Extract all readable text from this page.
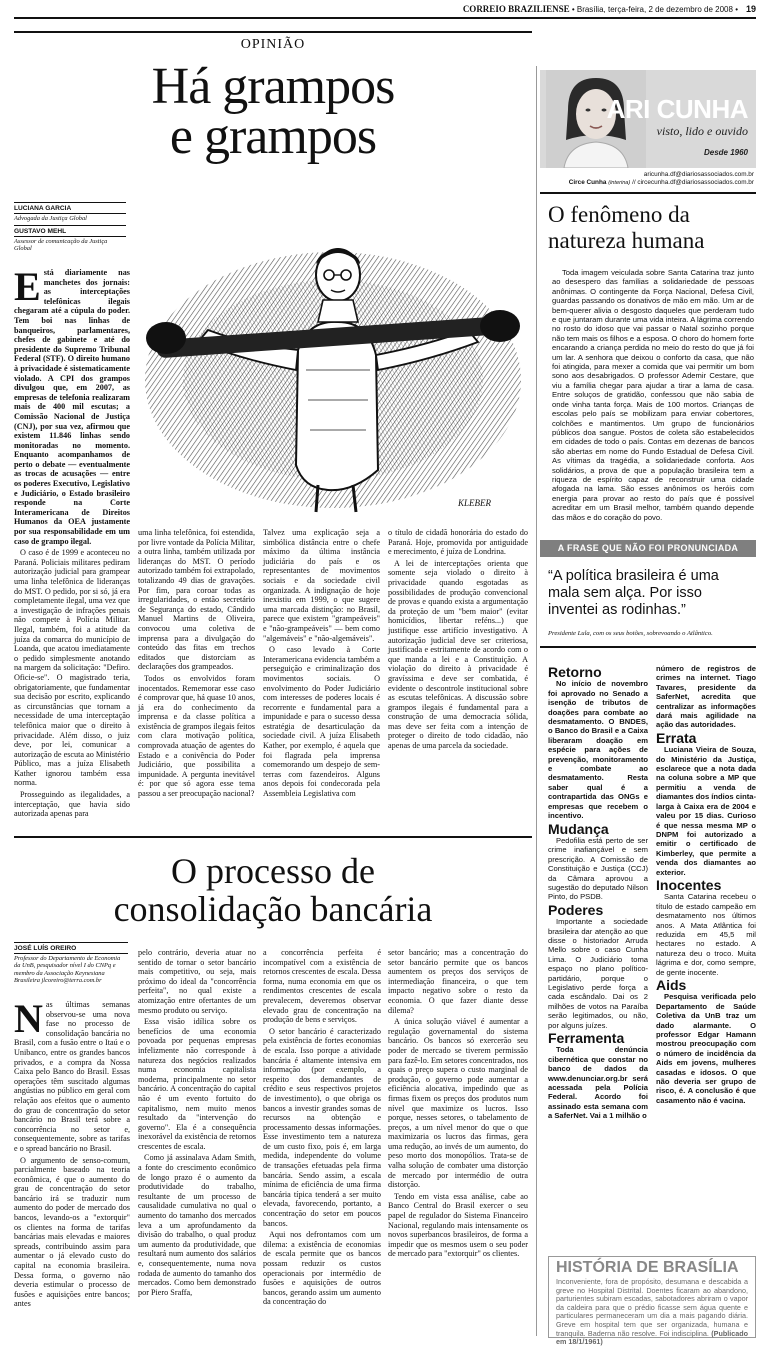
19
CORREIO BRAZILIENSE • Brasília, terça-feira, 2 de dezembro de 2008 •
OPINIÃO
Há grampos
e grampos
LUCIANA GARCIA
Advogada da Justiça Global
GUSTAVO MEHL
Assessor de comunicação da Justiça Global
KLEBER
E stá diariamente nas manchetes dos jornais: as interceptações telefônicas ilegais chegaram até a cúpula do poder. Tem boi nas linhas de banqueiros, parlamentares, chefes de gabinete e até do presidente do Supremo Tribunal Federal (STF). O direito humano à privacidade é sistematicamente violado. A CPI dos grampos divulgou que, em 2007, as empresas de telefonia realizaram mais de 400 mil escutas; a Comissão Nacional de Justiça (CNJ), por sua vez, afirmou que existem 11.846 linhas sendo monitoradas no momento. Enquanto acompanhamos de perto o debate — eventualmente as trocas de acusações — entre os poderes Executivo, Legislativo e Judiciário, o Estado brasileiro responde na Corte Interamericana de Direitos Humanos da OEA justamente por sua responsabilidade em um caso de grampo ilegal.

O caso é de 1999 e aconteceu no Paraná. Policiais militares pediram autorização judicial para grampear uma linha telefônica de lideranças do MST. O pedido, por si só, já era completamente ilegal, uma vez que a investigação de infrações penais não compete à Polícia Militar. Ilegal, também, foi a atitude da juíza da comarca do município de Loanda, que acatou imediatamente o pedido simplesmente anotando na margem da solicitação: "Defiro. Oficie-se". O magistrado teria, obrigatoriamente, que fundamentar sua decisão por escrito, explicando as circunstâncias que tornam a necessidade de uma interceptação telefônica maior que o direito à privacidade. Além disso, o juiz deve, por lei, comunicar a autorização de escuta ao Ministério Público, mas a juíza Elisabeth Kather ignorou também essa norma.

Prosseguindo as ilegalidades, a interceptação, que havia sido autorizada apenas para

uma linha telefônica, foi estendida, por livre vontade da Polícia Militar, a outra linha, também utilizada por lideranças do MST. O período autorizado também foi extrapolado, totalizando 49 dias de gravações. Por fim, para coroar todas as irregularidades, o então secretário de Segurança do estado, Cândido Manuel Martins de Oliveira, convocou uma coletiva de imprensa para a divulgação do conteúdo das fitas em trechos editados que distorciam as declarações dos grampeados.

Todos os envolvidos foram inocentados. Rememorar esse caso é comprovar que, há quase 10 anos, já era do conhecimento da imprensa e da classe política a existência de grampos ilegais feitos com clara motivação política, comprovada atuação de agentes do Estado e a conivência do Poder Judiciário, que possibilita a impunidade. A pergunta inevitável é: por que só agora esse tema passou a ser preocupação nacional?

Talvez uma explicação seja a simbólica distância entre o chefe máximo da última instância judiciária do país e os representantes de movimentos sociais e da sociedade civil organizada. A indignação de hoje inexistiu em 1999, o que sugere uma marcada distinção: no Brasil, parece que existem "grampeáveis" e "não-grampeáveis" — bem como "algemáveis" e "não-algemáveis".

O caso levado à Corte Interamericana evidencia também a perseguição e criminalização dos movimentos sociais. O envolvimento do Poder Judiciário com interesses de poderes locais é recorrente e fundamental para a impunidade e para o sucesso dessa estratégia de desarticulação da sociedade civil. A juíza Elisabeth Kather, por exemplo, é aquela que foi flagrada pela imprensa comemorando um despejo de sem-terras com fazendeiros. Alguns anos depois foi condecorada pela Assembleia Legislativa com

o título de cidadã honorária do estado do Paraná. Hoje, promovida por antiguidade e merecimento, é juíza de Londrina.

A lei de interceptações orienta que somente seja violado o direito à privacidade quando esgotadas as possibilidades de produção convencional de provas e quando exista a argumentação da proteção de um "bem maior" (evitar homicídios, libertar reféns...) que justifique esse artifício investigativo. A autorização judicial deve ser criteriosa, justificada e estritamente de acordo com o que manda a lei e a Constituição. A violação do direito à privacidade é gravíssima e deve ser combatida, é evidente o descontrole institucional sobre as escutas telefônicas. A discussão sobre grampos ilegais é fundamental para a construção de uma democracia sólida, mas deve ser feita com a intenção de proteger o direito de todo cidadão, não apenas de uma parcela da sociedade.

O processo de
consolidação bancária
JOSÉ LUÍS OREIRO
Professor do Departamento de Economia da UnB, pesquisador nível I do CNPq e membro da Associação Keynesiana Brasileira jlcoreiro@terra.com.br
N as últimas semanas observou-se uma nova fase no processo de consolidação bancária no Brasil, com a fusão entre o Itaú e o Unibanco, entre os grandes bancos privados, e a compra da Nossa Caixa pelo Banco do Brasil. Essas operações têm suscitado algumas angústias no público em geral com relação aos efeitos que o aumento do grau de concentração do setor bancário no Brasil terá sobre a concorrência no setor e, consequentemente, sobre as tarifas e o spread bancário no Brasil.

O argumento de senso-comum, parcialmente baseado na teoria econômica, é que o aumento do grau de concentração do setor bancário irá se traduzir num aumento do poder de mercado dos bancos, levando-os a "extorquir" os clientes na forma de tarifas bancárias mais elevadas e maiores spreads, contribuindo assim para aumentar o já elevado custo do capital na economia brasileira. Dessa forma, o governo não deveria estimular o processo de fusões e aquisições entre bancos; antes

pelo contrário, deveria atuar no sentido de tornar o setor bancário mais competitivo, ou seja, mais próximo do ideal da "concorrência perfeita", no qual existe a atomização entre ofertantes de um mesmo produto ou serviço.

Essa visão idílica sobre os benefícios de uma economia povoada por pequenas empresas infelizmente não corresponde à natureza dos negócios realizados numa economia capitalista moderna, principalmente no setor bancário. A concentração do capital não é um evento fortuito do capitalismo, nem muito menos resultado da "intervenção do governo". Ela é a consequência inexorável da existência de retornos crescentes de escala.

Como já assinalava Adam Smith, a fonte do crescimento econômico de longo prazo é o aumento da produtividade do trabalho, resultante de um processo de causalidade cumulativa no qual o aumento do tamanho dos mercados leva a um aprofundamento da divisão do trabalho, o qual produz um aumento da produtividade, que resultará num aumento dos salários e, consequentemente, numa nova rodada de aumento do tamanho dos mercados. Como bem demonstrado por Piero Sraffa,

a concorrência perfeita é incompatível com a existência de retornos crescentes de escala. Dessa forma, numa economia em que os rendimentos crescentes de escala prevalecem, deveremos observar elevado grau de concentração na produção de bens e serviços.

O setor bancário é caracterizado pela existência de fortes economias de escala. Isso porque a atividade bancária é altamente intensiva em informação (por exemplo, a respeito dos demandantes de crédito e seus respectivos projetos de investimento), o que obriga os bancos a investir grandes somas de recursos na obtenção e processamento dessas informações. Esse investimento tem a natureza de um custo fixo, pois é, em larga medida, independente do volume de transações efetuadas pela firma bancária. Sendo assim, a escala mínima de eficiência de uma firma bancária típica tenderá a ser muito elevada, favorecendo, portanto, a concentração do setor em poucos bancos.

Aqui nos defrontamos com um dilema: a existência de economias de escala permite que os bancos possam reduzir os custos operacionais por intermédio de fusões e aquisições de outros bancos, gerando assim um aumento da concentração do

setor bancário; mas a concentração do setor bancário permite que os bancos aumentem os preços dos serviços de intermediação financeira, o que tem impacto negativo sobre o resto da economia. O que fazer diante desse dilema?

A única solução viável é aumentar a regulação governamental do sistema bancário. Os bancos só exercerão seu poder de mercado se tiverem permissão para fazê-lo. Em setores concentrados, nos quais o preço supera o custo marginal de produção, o governo pode aumentar a eficiência alocativa, impedindo que as firmas fixem os preços dos produtos num nível que maximize os lucros. Isso porque, nesses setores, o tabelamento de preços, a um nível menor do que o que maximizaria os lucros das firmas, gera uma redução, ao invés de um aumento, do peso morto dos monopólios. Trata-se de valha solução de combater uma distorção de mercado por intermédio de outra distorção.

Tendo em vista essa análise, cabe ao Banco Central do Brasil exercer o seu papel de regulador do Sistema Financeiro Nacional, regulando mais intensamente os novos superbancos brasileiros, de forma a impedir que os mesmos usem o seu poder de mercado para "extorquir" os clientes.

ARI CUNHA
visto, lido e ouvido
Desde 1960
aricunha.df@diariosassociados.com.br
Circe Cunha (interina) // circecunha.df@diariosassociados.com.br
O fenômeno da
natureza humana
Toda imagem veiculada sobre Santa Catarina traz junto ao desespero das famílias a solidariedade de pessoas anônimas. O contingente da Força Nacional, Defesa Civil, guardas passando os donativos de mão em mão. Um ar de bem-querer alivia o desgosto daqueles que perderam tudo e que juntaram durante uma vida inteira. A lágrima correndo no rosto do idoso que vai passar o Natal sozinho porque não tem mais os filhos e a esposa. O choro do homem forte encarando a criança perdida no meio do resto do que já foi um lar. A senhora que deixou o conforto da casa, que não foi atingida, para mexer a comida que vai permitir um bom sono aos desabrigados. O professor Ademir Cestare, que viu a família chegar para ajudar a tirar a lama de casa. Entre soluços de gratidão, confessou que não sabia de onde vinha tanta força. Mais de 100 mortos. Crianças de escolas pelo país se mobilizam para enviar cobertores, colchões e mantimentos. Um grupo de funcionários públicos doa sangue. Postos de coleta são estabelecidos em cidades de todo o país. Contas em dezenas de bancos são abertas em nome do Fundo Estadual de Defesa Civil. As vítimas da tragédia, a solidariedade conforta. Aos solidários, a prova de que a população brasileira tem a riqueza de espírito capaz de reconstruir uma cidade afogada na lama. São esses anônimos os heróis com energia para provar ao resto do país que é possível acreditar em um Brasil melhor, também quando depende das mãos e do coração do povo.
A FRASE QUE NÃO FOI PRONUNCIADA
“A política brasileira é uma mala sem alça. Por isso inventei as rodinhas.”
Presidente Lula, com os seus botões, sobrevoando o Atlântico.
Retorno

No início de novembro foi aprovado no Senado a isenção de tributos de doações para combate ao desmatamento. O BNDES, o Banco do Brasil e a Caixa liberaram doação em espécie para ações de prevenção, monitoramento e combate ao desmatamento. Resta saber qual é a contrapartida das ONGs e empresas que recebem o incentivo.

Mudança

Pedofilia está perto de ser crime inafiançável e sem prescrição. A Comissão de Constituição e Justiça (CCJ) da Câmara aprovou a sugestão do deputado Nilson Pinto, do PSDB.

Poderes

Importante a sociedade brasileira dar atenção ao que disse o historiador Arruda Mello sobre o caso Cunha Lima. O Judiciário toma espaço no plano político-partidário, porque o Legislativo perde força a cada escândalo. Dai os 2 milhões de votos na Paraíba serão legitimados, ou não, por alguns juízes.

Ferramenta

Toda denúncia cibernética que constar no banco de dados da www.denunciar.org.br será acessada pela Polícia Federal. Acordo foi assinado esta semana com a SaferNet. Vai a 1 milhão o

número de registros de crimes na internet. Tiago Tavares, presidente da SaferNet, acredita que centralizar as informações dará mais agilidade na ação das autoridades.

Errata

Luciana Vieira de Souza, do Ministério da Justiça, esclarece que a nota dada na coluna sobre a MP que permitiu a venda de diamantes dos índios cinta-larga à Caixa era de 2004 e valeu por 15 dias. Curioso é que nessa mesma MP o DNPM foi autorizado a emitir o certificado de Kimberley, que permite a venda dos diamantes ao exterior.

Inocentes

Santa Catarina recebeu o título de estado campeão em desmatamento nos últimos anos. A Mata Atlântica foi reduzida em 45,5 mil hectares no estado. A natureza deu o troco. Muita lágrima e dor, como sempre, de gente inocente.

Aids

Pesquisa verificada pelo Departamento de Saúde Coletiva da UnB traz um dado alarmante. O professor Edgar Hamann mostrou preocupação com o número de incidência da Aids em jovens, mulheres casadas e idosos. O que não deveria ser grupo de risco, é. A conclusão é que casamento não é vacina.

HISTÓRIA DE BRASÍLIA
Inconveniente, fora de propósito, desumana e descabida a greve no Hospital Distrital. Doentes ficaram ao abandono, parturientes subiram escadas, sabotadores abriram o vapor da caldeira para que o prédio ficasse sem água quente e particulares permaneceram um dia a mais pagando diária. Greve em hospital tem que ser organizada, humana e tranquila. Baderna não resolve. Foi indisciplina. (Publicado em 18/1/1961)
